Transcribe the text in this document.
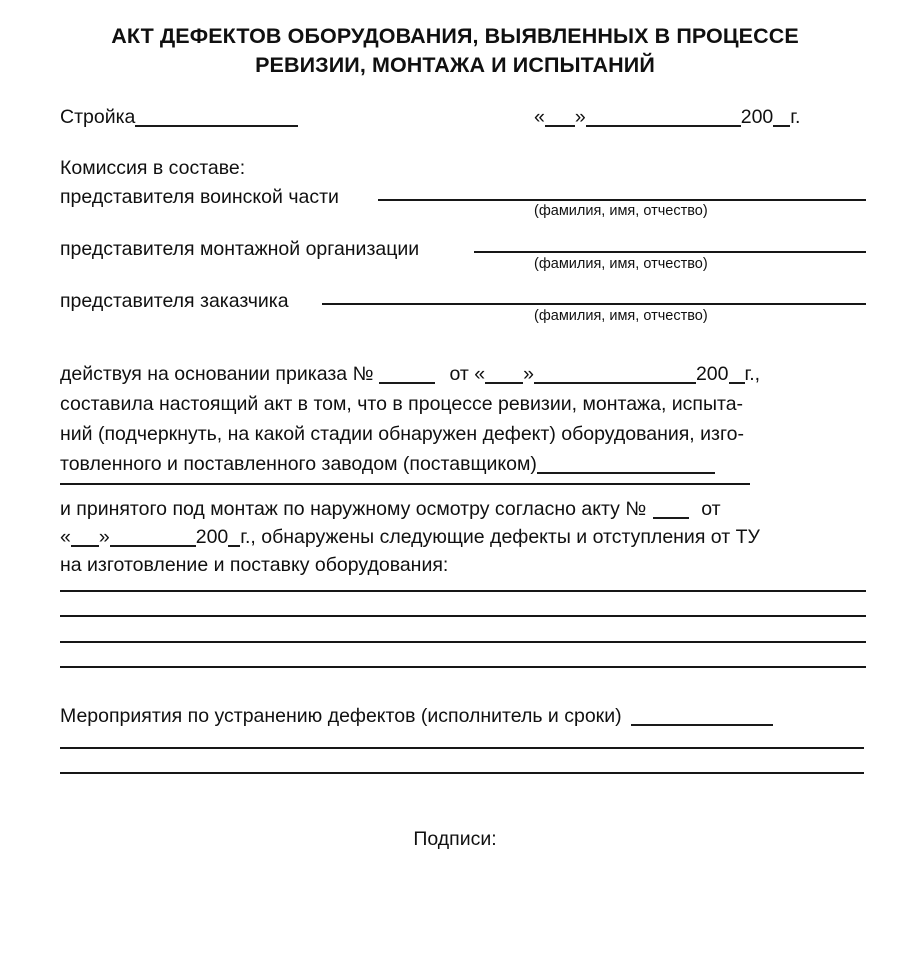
АКТ ДЕФЕКТОВ ОБОРУДОВАНИЯ, ВЫЯВЛЕННЫХ В ПРОЦЕССЕ
РЕВИЗИИ, МОНТАЖА И ИСПЫТАНИЙ
Стройка	« »	200 г.
Комиссия в составе:
представителя воинской части
(фамилия, имя, отчество)
представителя монтажной организации
(фамилия, имя, отчество)
представителя заказчика
(фамилия, имя, отчество)
действуя на основании приказа №	от « »	200 г.,
составила настоящий акт в том, что в процессе ревизии, монтажа, испыта-
ний (подчеркнуть, на какой стадии обнаружен дефект) оборудования, изго-
товленного и поставленного заводом (поставщиком)
и принятого под монтаж по наружному осмотру согласно акту №	от
« »	200 г., обнаружены следующие дефекты и отступления от ТУ
на изготовление и поставку оборудования:
Мероприятия по устранению дефектов (исполнитель и сроки)
Подписи:
